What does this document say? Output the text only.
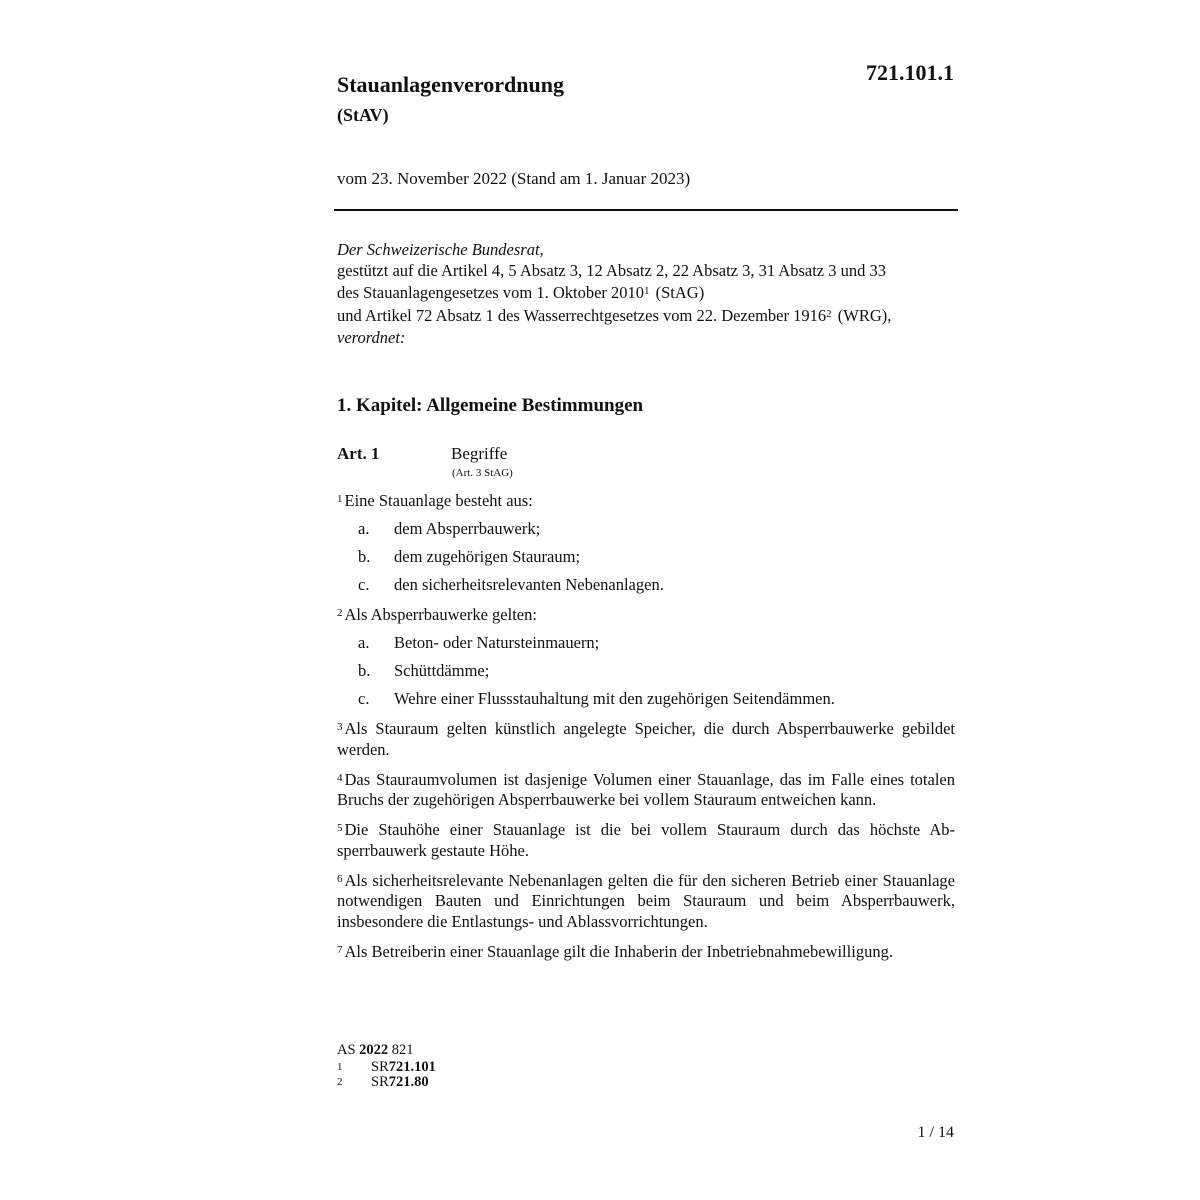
721.101.1
Stauanlagenverordnung
(StAV)
vom 23. November 2022 (Stand am 1. Januar 2023)

Der Schweizerische Bundesrat,

gestützt auf die Artikel 4, 5 Absatz 3, 12 Absatz 2, 22 Absatz 3, 31 Absatz 3 und 33

des Stauanlagengesetzes vom 1. Oktober 2010$^1$ (StAG)

und Artikel 72 Absatz 1 des Wasserrechtgesetzes vom 22. Dezember 1916$^2$ (WRG),

verordnet:

1. Kapitel: Allgemeine Bestimmungen
Art. 1	Begriffe
(Art. 3 StAG)

$^1$ Eine Stauanlage besteht aus:

a.	dem Absperrbauwerk;
b.	dem zugehörigen Stauraum;
c.	den sicherheitsrelevanten Nebenanlagen.

$^2$ Als Absperrbauwerke gelten:

a.	Beton- oder Natursteinmauern;
b.	Schüttdämme;
c.	Wehre einer Flussstauhaltung mit den zugehörigen Seitendämmen.

$^3$ Als Stauraum gelten künstlich angelegte Speicher, die durch Absperrbauwerke gebildet werden.

$^4$ Das Stauraumvolumen ist dasjenige Volumen einer Stauanlage, das im Falle eines totalen Bruchs der zugehörigen Absperrbauwerke bei vollem Stauraum entweichen kann.

$^5$ Die Stauhöhe einer Stauanlage ist die bei vollem Stauraum durch das höchste Absperrbauwerk gestaute Höhe.

$^6$ Als sicherheitsrelevante Nebenanlagen gelten die für den sicheren Betrieb einer Stauanlage notwendigen Bauten und Einrichtungen beim Stauraum und beim Absperrbauwerk, insbesondere die Entlastungs- und Ablassvorrichtungen.

$^7$ Als Betreiberin einer Stauanlage gilt die Inhaberin der Inbetriebnahmebewilligung.

AS 2022 821
1	SR 721.101
2	SR 721.80
1 / 14
